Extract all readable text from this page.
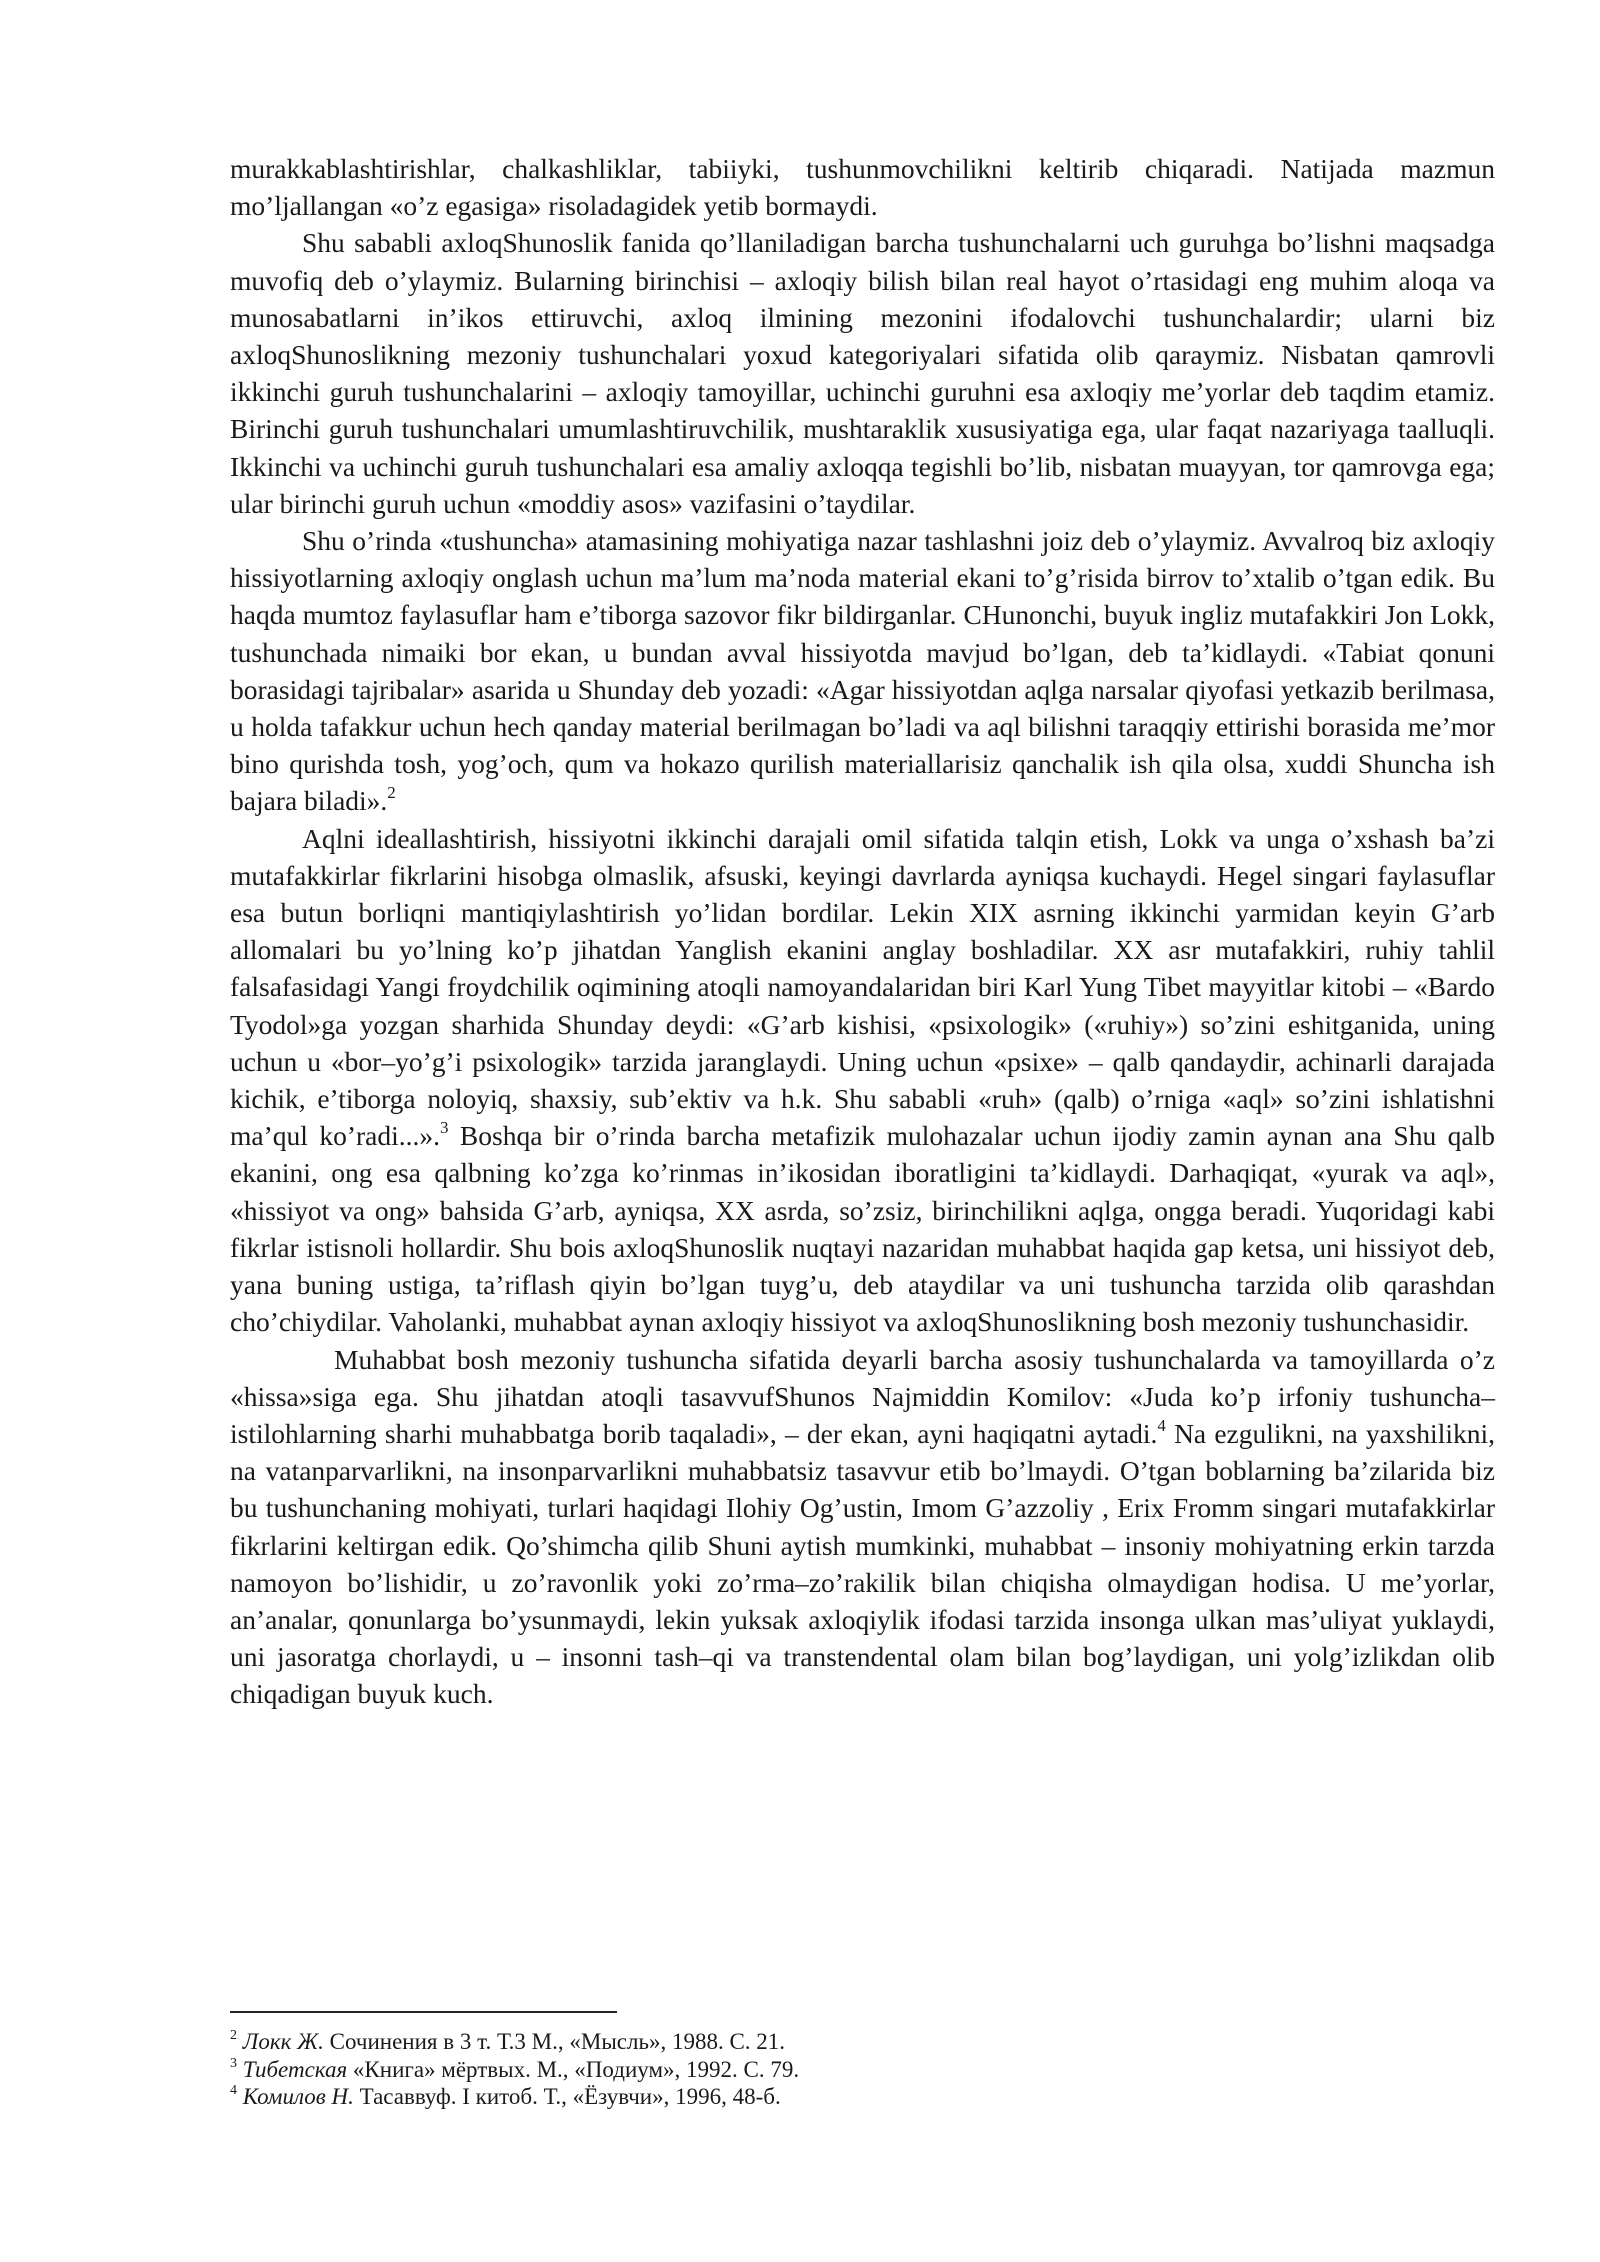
murakkablashtirishlar, chalkashliklar, tabiiyki, tushunmovchilikni keltirib chiqaradi. Natijada mazmun mo’ljallangan «o’z egasiga» risoladagidek yetib bormaydi.

Shu sababli axloqShunoslik fanida qo’llaniladigan barcha tushunchalarni uch guruhga bo’lishni maqsadga muvofiq deb o’ylaymiz. Bularning birinchisi – axloqiy bilish bilan real hayot o’rtasidagi eng muhim aloqa va munosabatlarni in’ikos ettiruvchi, axloq ilmining mezonini ifodalovchi tushunchalardir; ularni biz axloqShunoslikning mezoniy tushunchalari yoxud kategoriyalari sifatida olib qaraymiz. Nisbatan qamrovli ikkinchi guruh tushunchalarini – axloqiy tamoyillar, uchinchi guruhni esa axloqiy me’yorlar deb taqdim etamiz. Birinchi guruh tushunchalari umumlashtiruvchilik, mushtaraklik xususiyatiga ega, ular faqat nazariyaga taalluqli. Ikkinchi va uchinchi guruh tushunchalari esa amaliy axloqqa tegishli bo’lib, nisbatan muayyan, tor qamrovga ega; ular birinchi guruh uchun «moddiy asos» vazifasini o’taydilar.

Shu o’rinda «tushuncha» atamasining mohiyatiga nazar tashlashni joiz deb o’ylaymiz. Avvalroq biz axloqiy hissiyotlarning axloqiy onglash uchun ma’lum ma’noda material ekani to’g’risida birrov to’xtalib o’tgan edik. Bu haqda mumtoz faylasuflar ham e’tiborga sazovor fikr bildirganlar. CHunonchi, buyuk ingliz mutafakkiri Jon Lokk, tushunchada nimaiki bor ekan, u bundan avval hissiyotda mavjud bo’lgan, deb ta’kidlaydi. «Tabiat qonuni borasidagi tajribalar» asarida u Shunday deb yozadi: «Agar hissiyotdan aqlga narsalar qiyofasi yetkazib berilmasa, u holda tafakkur uchun hech qanday material berilmagan bo’ladi va aql bilishni taraqqiy ettirishi borasida me’mor bino qurishda tosh, yog’och, qum va hokazo qurilish materiallarisiz qanchalik ish qila olsa, xuddi Shuncha ish bajara biladi».$^2$

Aqlni ideallashtirish, hissiyotni ikkinchi darajali omil sifatida talqin etish, Lokk va unga o’xshash ba’zi mutafakkirlar fikrlarini hisobga olmaslik, afsuski, keyingi davrlarda ayniqsa kuchaydi. Hegel singari faylasuflar esa butun borliqni mantiqiylashtirish yo’lidan bordilar. Lekin XIX asrning ikkinchi yarmidan keyin G’arb allomalari bu yo’lning ko’p jihatdan Yanglish ekanini anglay boshladilar. XX asr mutafakkiri, ruhiy tahlil falsafasidagi Yangi froydchilik oqimining atoqli namoyandalaridan biri Karl Yung Tibet mayyitlar kitobi – «Bardo Tyodol»ga yozgan sharhida Shunday deydi: «G’arb kishisi, «psixologik» («ruhiy») so’zini eshitganida, uning uchun u «bor–yo’g’i psixologik» tarzida jaranglaydi. Uning uchun «psixe» – qalb qandaydir, achinarli darajada kichik, e’tiborga noloyiq, shaxsiy, sub’ektiv va h.k. Shu sababli «ruh» (qalb) o’rniga «aql» so’zini ishlatishni ma’qul ko’radi...».$^3$ Boshqa bir o’rinda barcha metafizik mulohazalar uchun ijodiy zamin aynan ana Shu qalb ekanini, ong esa qalbning ko’zga ko’rinmas in’ikosidan iboratligini ta’kidlaydi. Darhaqiqat, «yurak va aql», «hissiyot va ong» bahsida G’arb, ayniqsa, XX asrda, so’zsiz, birinchilikni aqlga, ongga beradi. Yuqoridagi kabi fikrlar istisnoli hollardir. Shu bois axloqShunoslik nuqtayi nazaridan muhabbat haqida gap ketsa, uni hissiyot deb, yana buning ustiga, ta’riflash qiyin bo’lgan tuyg’u, deb ataydilar va uni tushuncha tarzida olib qarashdan cho’chiydilar. Vaholanki, muhabbat aynan axloqiy hissiyot va axloqShunoslikning bosh mezoniy tushunchasidir.

Muhabbat bosh mezoniy tushuncha sifatida deyarli barcha asosiy tushunchalarda va tamoyillarda o’z «hissa»siga ega. Shu jihatdan atoqli tasavvufShunos Najmiddin Komilov: «Juda ko’p irfoniy tushuncha–istilohlarning sharhi muhabbatga borib taqaladi», – der ekan, ayni haqiqatni aytadi.$^4$ Na ezgulikni, na yaxshilikni, na vatanparvarlikni, na insonparvarlikni muhabbatsiz tasavvur etib bo’lmaydi. O’tgan boblarning ba’zilarida biz bu tushunchaning mohiyati, turlari haqidagi Ilohiy Og’ustin, Imom G’azzoliy , Erix Fromm singari mutafakkirlar fikrlarini keltirgan edik. Qo’shimcha qilib Shuni aytish mumkinki, muhabbat – insoniy mohiyatning erkin tarzda namoyon bo’lishidir, u zo’ravonlik yoki zo’rma–zo’rakilik bilan chiqisha olmaydigan hodisa. U me’yorlar, an’analar, qonunlarga bo’ysunmaydi, lekin yuksak axloqiylik ifodasi tarzida insonga ulkan mas’uliyat yuklaydi, uni jasoratga chorlaydi, u – insonni tash–qi va transtendental olam bilan bog’laydigan, uni yolg’izlikdan olib chiqadigan buyuk kuch.

$^2$ Локк Ж. Сочинения в 3 т. Т.3 М., «Мысль», 1988. С. 21.
$^3$ Тибетская «Книга» мёртвых. М., «Подиум», 1992. С. 79.
$^4$ Комилов Н. Тасаввуф. I китоб. Т., «Ёзувчи», 1996, 48-б.
